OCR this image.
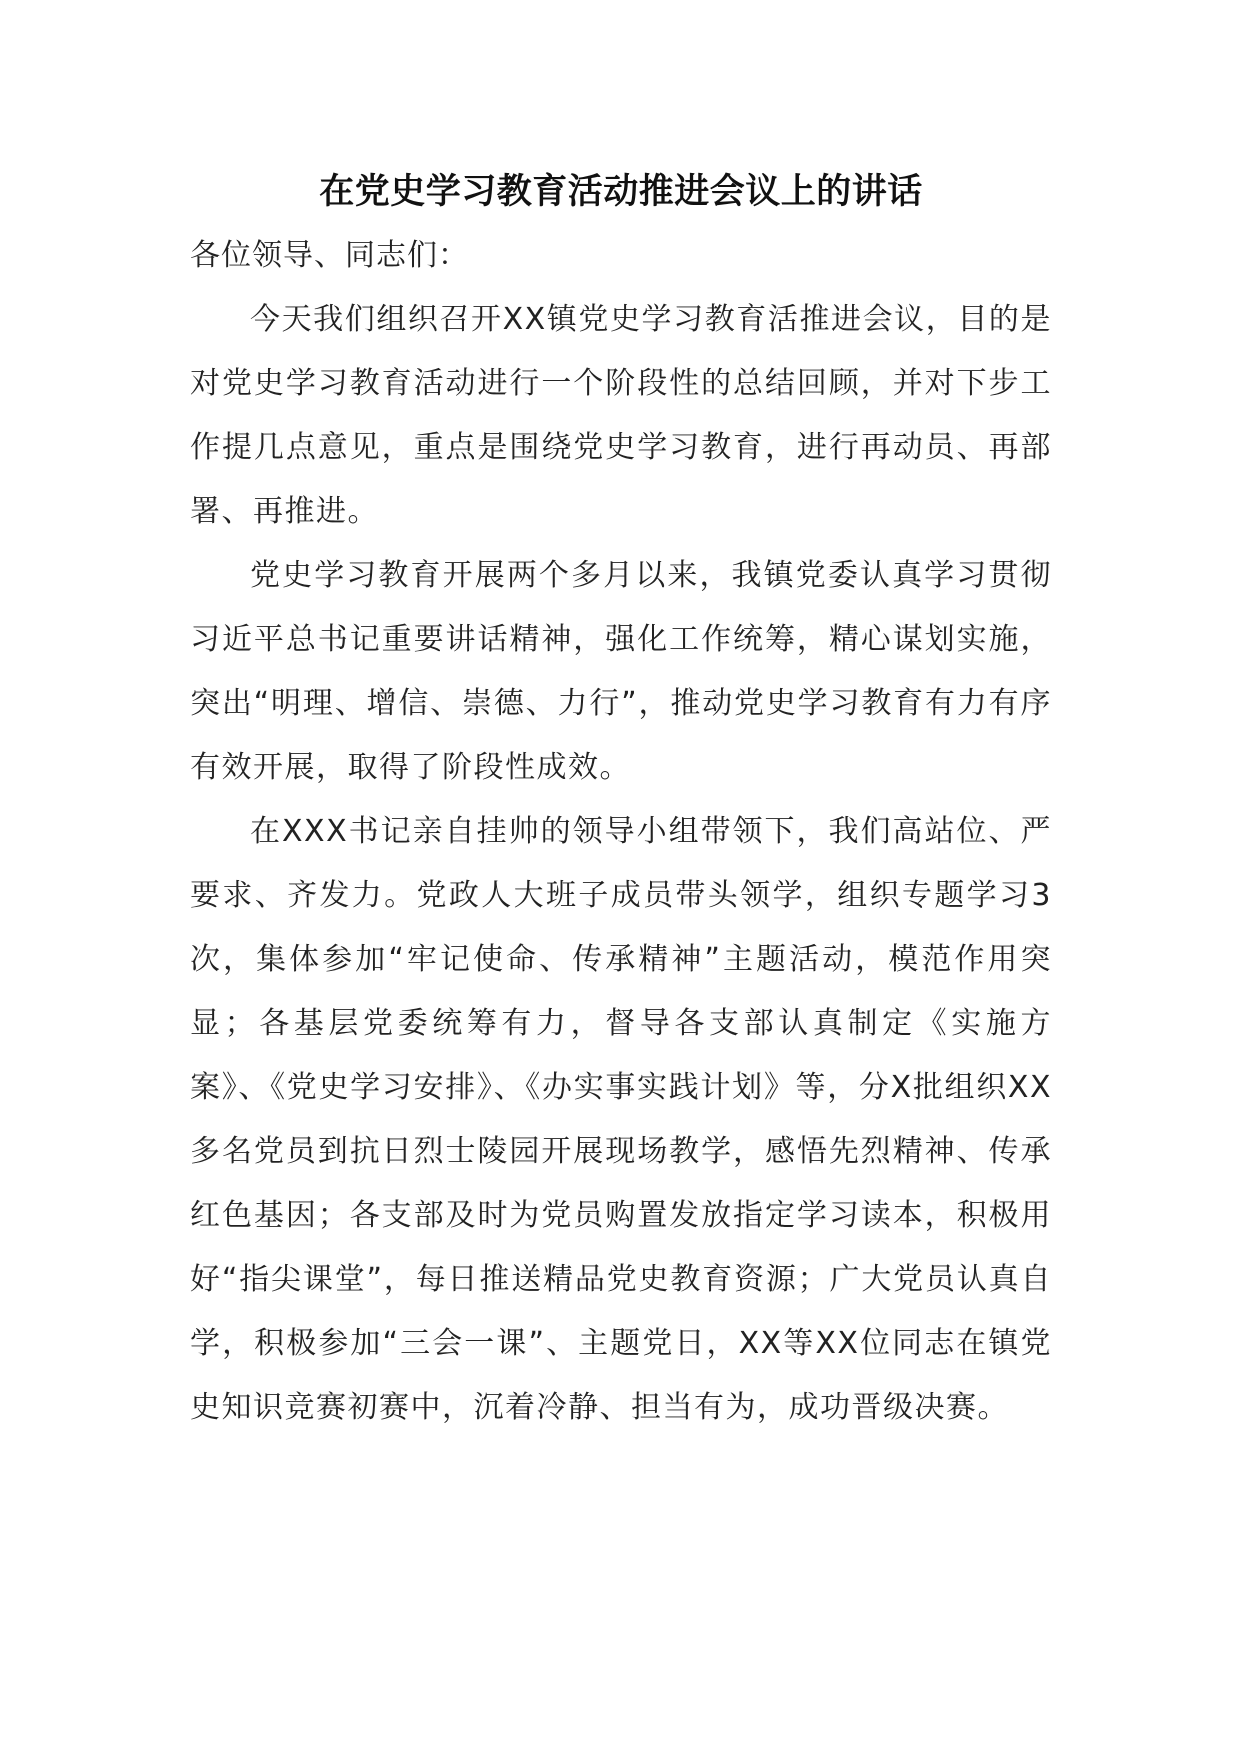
在党史学习教育活动推进会议上的讲话

各位领导、同志们：

今天我们组织召开XX镇党史学习教育活推进会议，目的是对党史学习教育活动进行一个阶段性的总结回顾，并对下步工作提几点意见，重点是围绕党史学习教育，进行再动员、再部署、再推进。

党史学习教育开展两个多月以来，我镇党委认真学习贯彻习近平总书记重要讲话精神，强化工作统筹，精心谋划实施，突出“明理、增信、崇德、力行”，推动党史学习教育有力有序有效开展，取得了阶段性成效。

在XXX书记亲自挂帅的领导小组带领下，我们高站位、严要求、齐发力。党政人大班子成员带头领学，组织专题学习3次，集体参加“牢记使命、传承精神”主题活动，模范作用突显；各基层党委统筹有力，督导各支部认真制定《实施方案》、《党史学习安排》、《办实事实践计划》等，分X批组织XX多名党员到抗日烈士陵园开展现场教学，感悟先烈精神、传承红色基因；各支部及时为党员购置发放指定学习读本，积极用好“指尖课堂”，每日推送精品党史教育资源；广大党员认真自学，积极参加“三会一课”、主题党日，XX等XX位同志在镇党史知识竞赛初赛中，沉着冷静、担当有为，成功晋级决赛。
